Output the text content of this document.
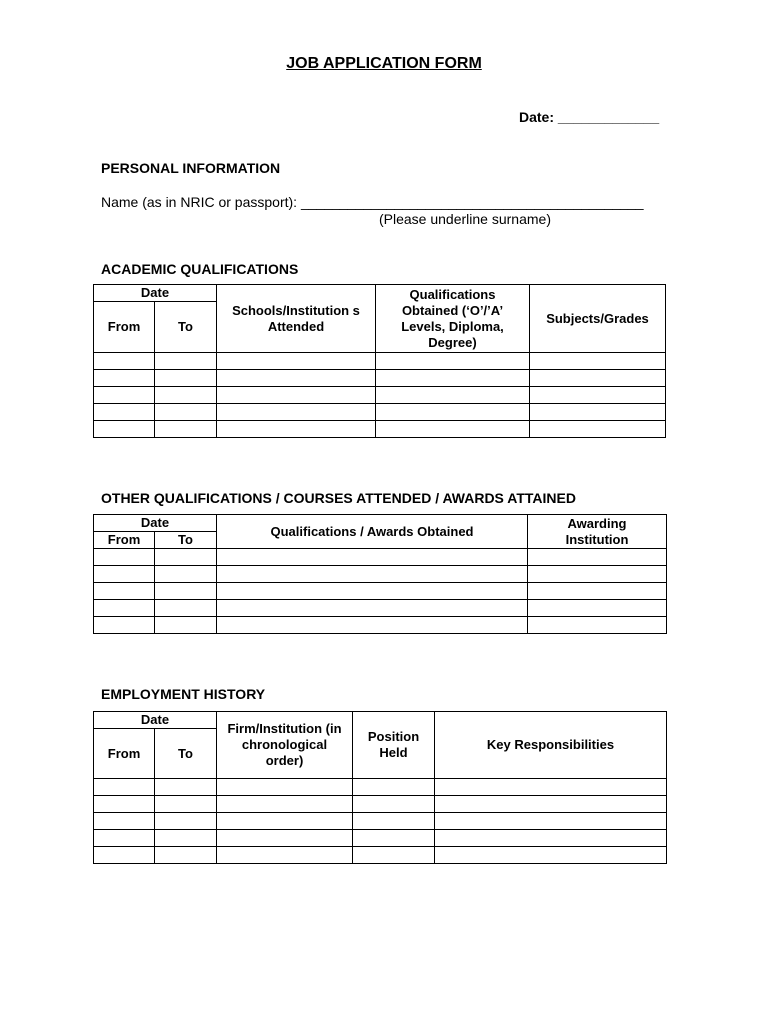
JOB APPLICATION FORM
Date: _____________
PERSONAL INFORMATION
Name (as in NRIC or passport): ____________________________________________
(Please underline surname)
ACADEMIC QUALIFICATIONS
Date		Schools/Institution s Attended	Qualifications Obtained (‘O’/’A’ Levels, Diploma, Degree)	Subjects/Grades
From	To			

OTHER QUALIFICATIONS / COURSES ATTENDED / AWARDS ATTAINED
Date		Qualifications / Awards Obtained	Awarding Institution
From	To		

EMPLOYMENT HISTORY
Date		Firm/Institution (in chronological order)	Position Held	Key Responsibilities
From	To			
